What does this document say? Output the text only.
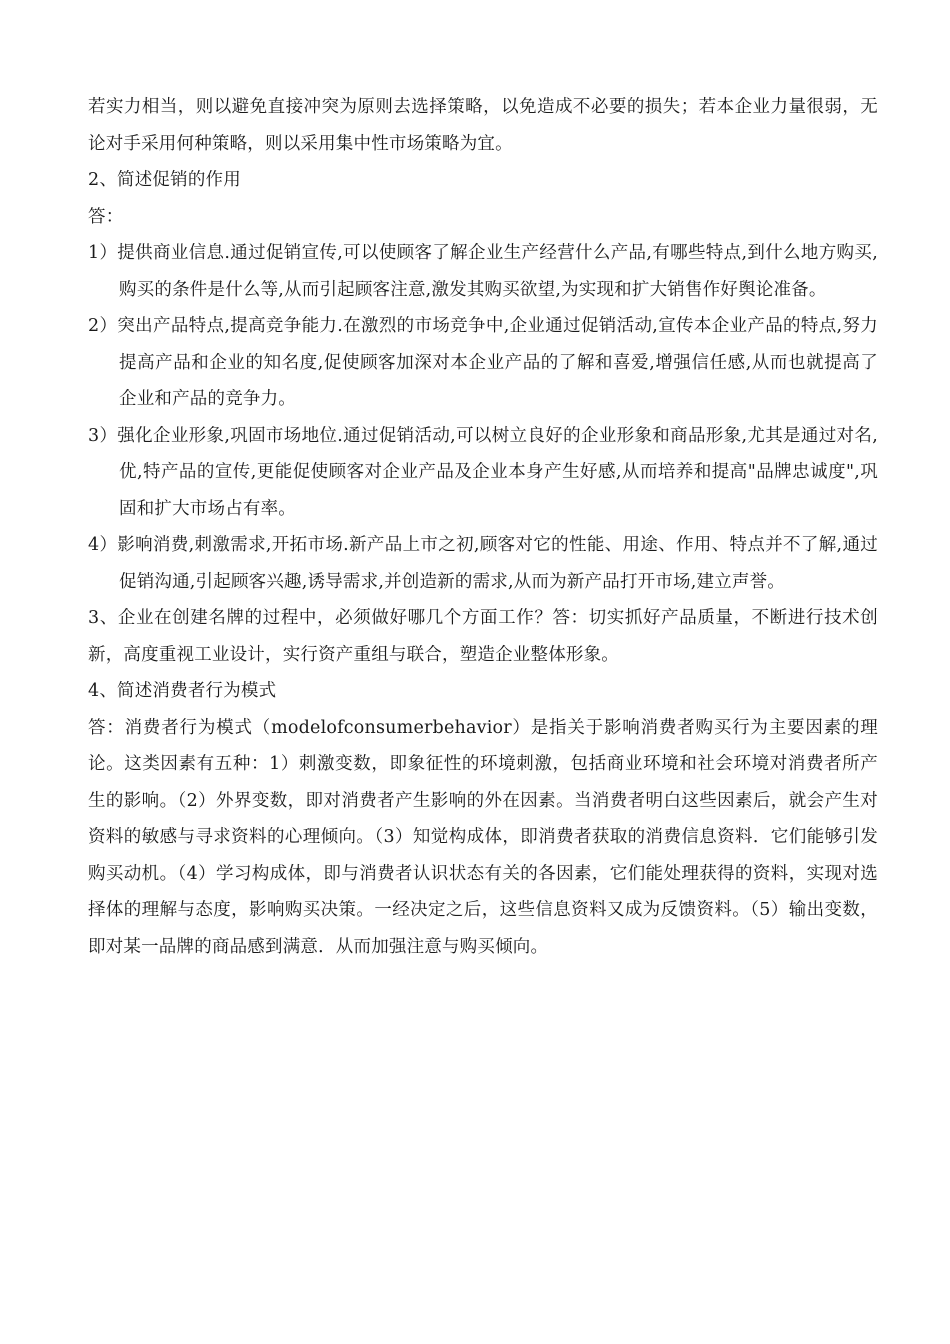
若实力相当，则以避免直接冲突为原则去选择策略，以免造成不必要的损失；若本企业力量很弱，无论对手采用何种策略，则以采用集中性市场策略为宜。

2、简述促销的作用

答：

1）提供商业信息.通过促销宣传,可以使顾客了解企业生产经营什么产品,有哪些特点,到什么地方购买,购买的条件是什么等,从而引起顾客注意,激发其购买欲望,为实现和扩大销售作好舆论准备。

2）突出产品特点,提高竞争能力.在激烈的市场竞争中,企业通过促销活动,宣传本企业产品的特点,努力提高产品和企业的知名度,促使顾客加深对本企业产品的了解和喜爱,增强信任感,从而也就提高了企业和产品的竞争力。

3）强化企业形象,巩固市场地位.通过促销活动,可以树立良好的企业形象和商品形象,尤其是通过对名,优,特产品的宣传,更能促使顾客对企业产品及企业本身产生好感,从而培养和提高"品牌忠诚度",巩固和扩大市场占有率。

4）影响消费,刺激需求,开拓市场.新产品上市之初,顾客对它的性能、用途、作用、特点并不了解,通过促销沟通,引起顾客兴趣,诱导需求,并创造新的需求,从而为新产品打开市场,建立声誉。

3、企业在创建名牌的过程中，必须做好哪几个方面工作？答：切实抓好产品质量，不断进行技术创新，高度重视工业设计，实行资产重组与联合，塑造企业整体形象。

4、简述消费者行为模式

答：消费者行为模式（modelofconsumerbehavior）是指关于影响消费者购买行为主要因素的理论。这类因素有五种：1）刺激变数，即象征性的环境刺激，包括商业环境和社会环境对消费者所产生的影响。（2）外界变数，即对消费者产生影响的外在因素。当消费者明白这些因素后，就会产生对资料的敏感与寻求资料的心理倾向。（3）知觉构成体，即消费者获取的消费信息资料．它们能够引发购买动机。（4）学习构成体，即与消费者认识状态有关的各因素，它们能处理获得的资料，实现对选择体的理解与态度，影响购买决策。一经决定之后，这些信息资料又成为反馈资料。（5）输出变数，即对某一品牌的商品感到满意．从而加强注意与购买倾向。
